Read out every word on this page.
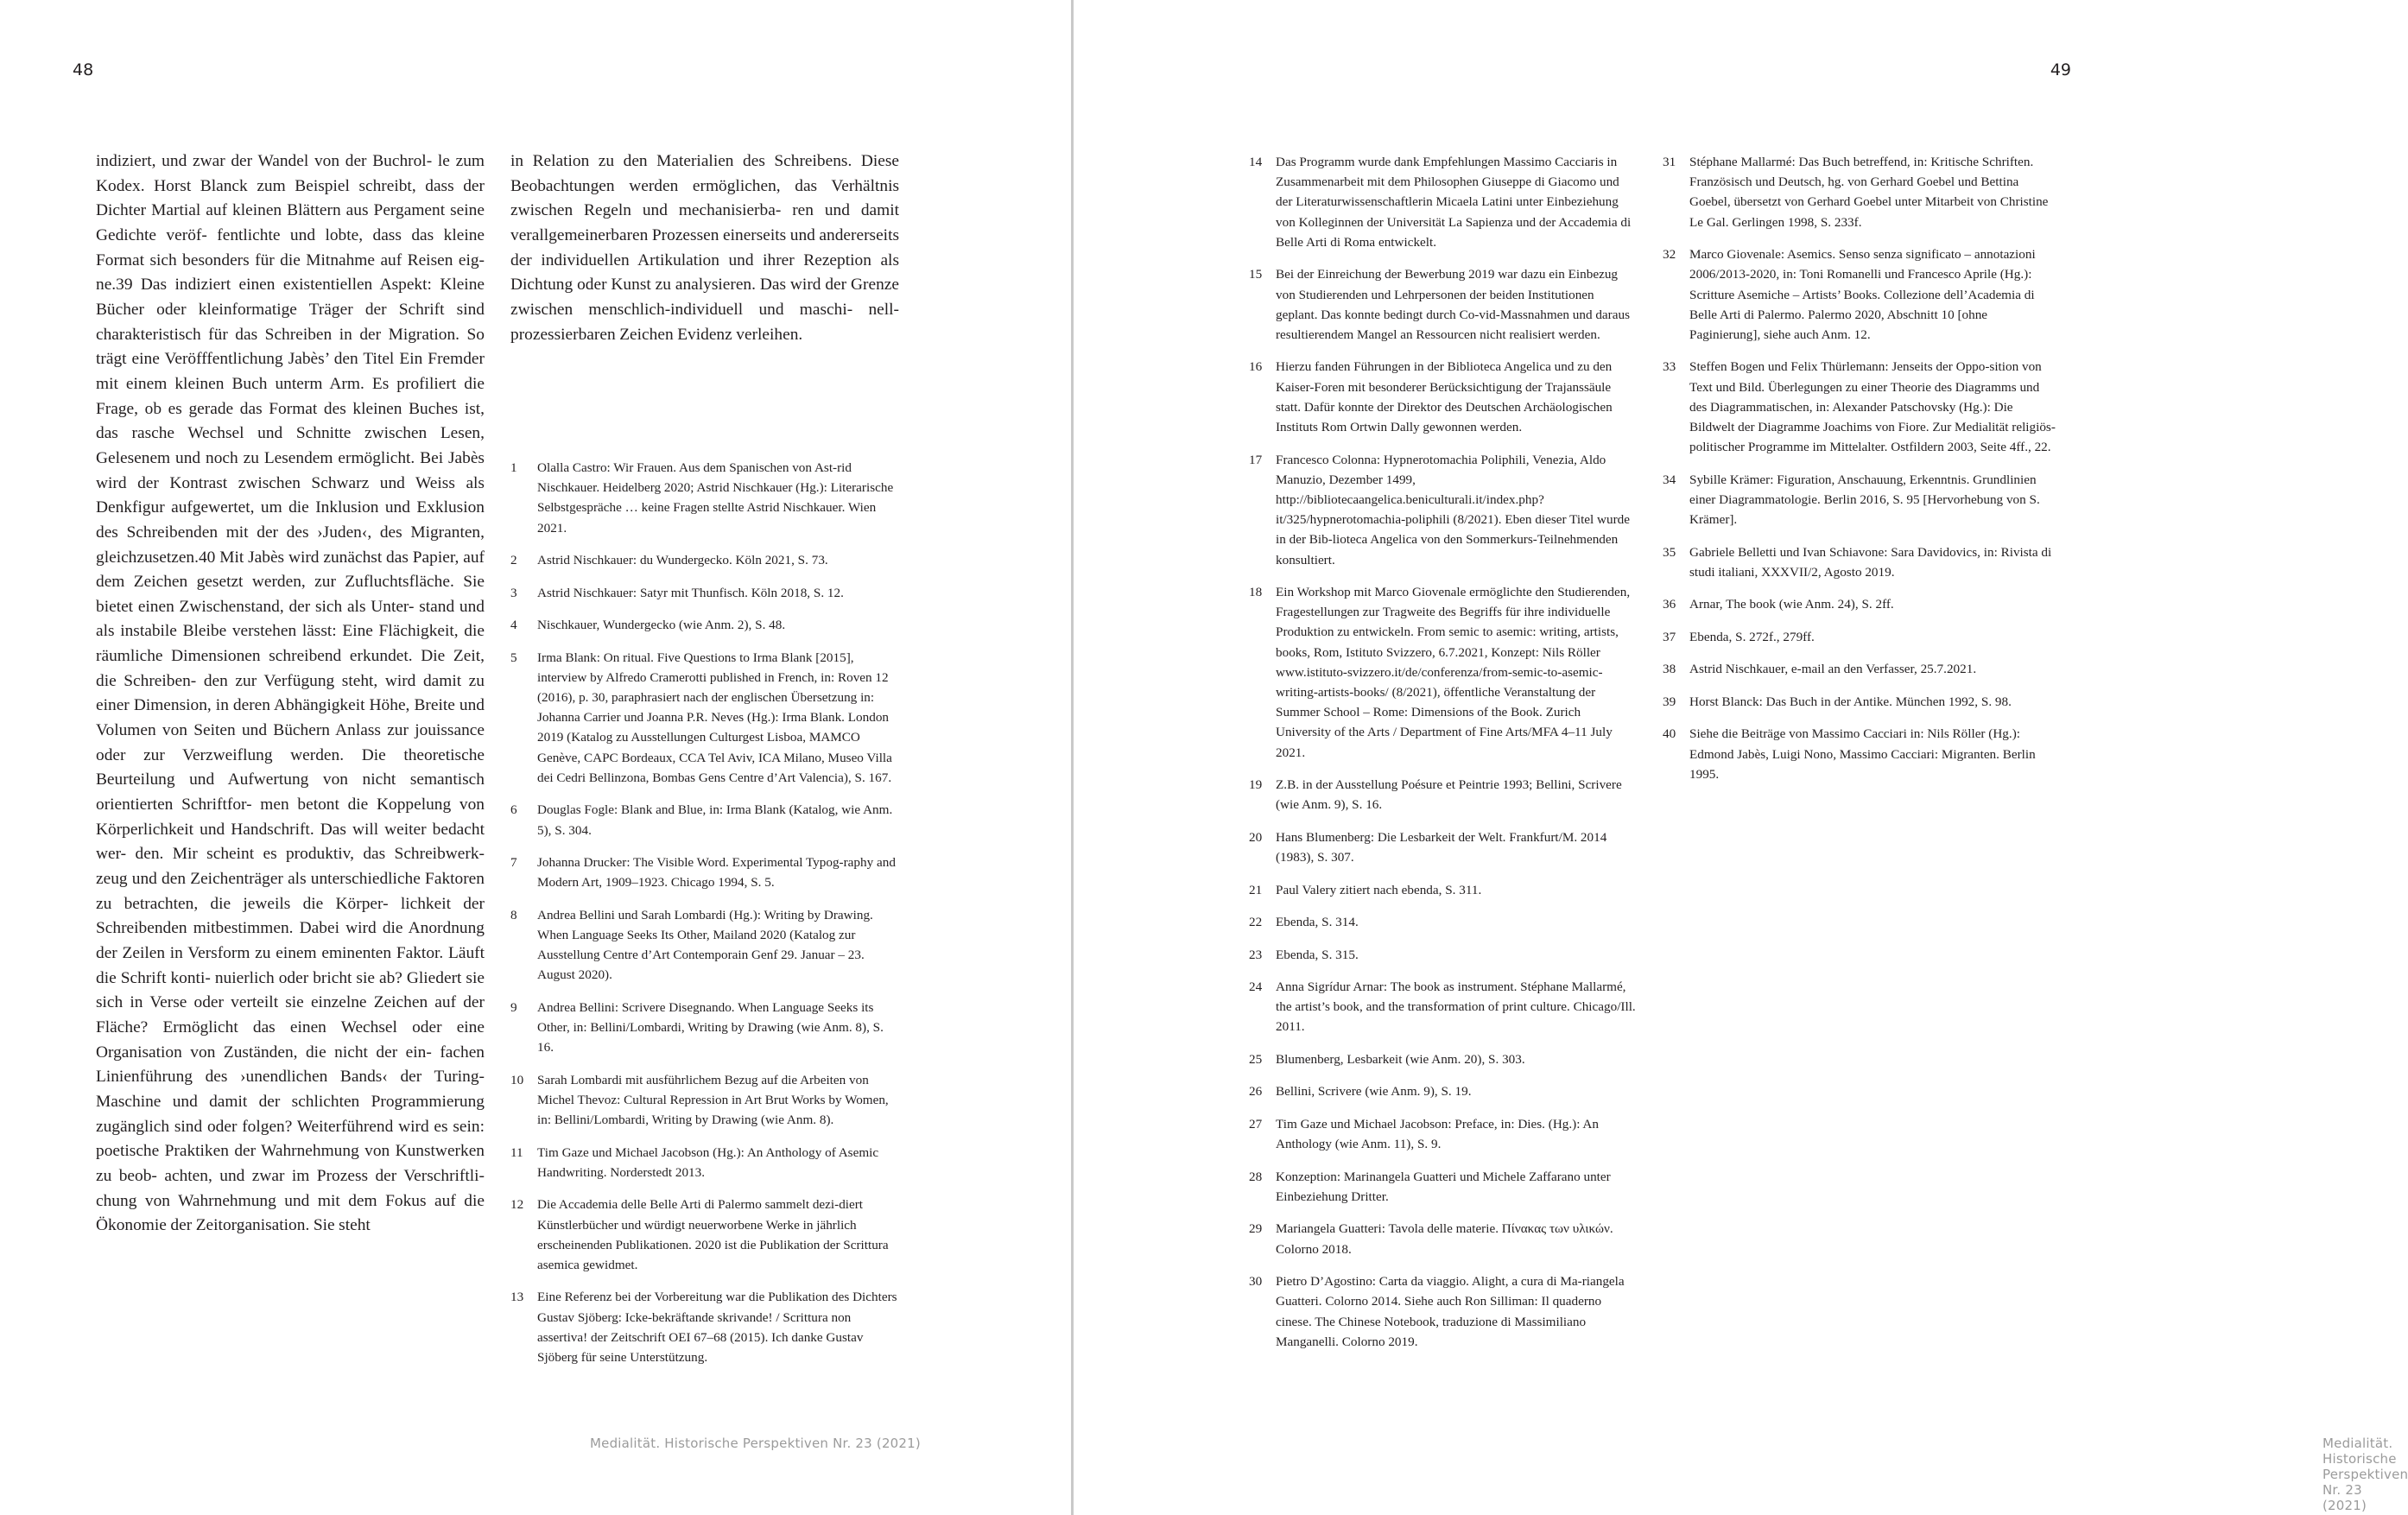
48

indiziert, und zwar der Wandel von der Buchrol- le zum Kodex. Horst Blanck zum Beispiel schreibt, dass der Dichter Martial auf kleinen Blättern aus Pergament seine Gedichte veröf- fentlichte und lobte, dass das kleine Format sich besonders für die Mitnahme auf Reisen eig- ne.39 Das indiziert einen existentiellen Aspekt: Kleine Bücher oder kleinformatige Träger der Schrift sind charakteristisch für das Schreiben in der Migration. So trägt eine Veröfffentlichung Jabès’ den Titel Ein Fremder mit einem kleinen Buch unterm Arm. Es profiliert die Frage, ob es gerade das Format des kleinen Buches ist, das rasche Wechsel und Schnitte zwischen Lesen, Gelesenem und noch zu Lesendem ermöglicht. Bei Jabès wird der Kontrast zwischen Schwarz und Weiss als Denkfigur aufgewertet, um die Inklusion und Exklusion des Schreibenden mit der des ›Juden‹, des Migranten, gleichzusetzen.40 Mit Jabès wird zunächst das Papier, auf dem Zeichen gesetzt werden, zur Zufluchtsfläche. Sie bietet einen Zwischenstand, der sich als Unter- stand und als instabile Bleibe verstehen lässt: Eine Flächigkeit, die räumliche Dimensionen schreibend erkundet. Die Zeit, die Schreiben- den zur Verfügung steht, wird damit zu einer Dimension, in deren Abhängigkeit Höhe, Breite und Volumen von Seiten und Büchern Anlass zur jouissance oder zur Verzweiflung werden. Die theoretische Beurteilung und Aufwertung von nicht semantisch orientierten Schriftfor- men betont die Koppelung von Körperlichkeit und Handschrift. Das will weiter bedacht wer- den. Mir scheint es produktiv, das Schreibwerk- zeug und den Zeichenträger als unterschiedliche Faktoren zu betrachten, die jeweils die Körper- lichkeit der Schreibenden mitbestimmen. Dabei wird die Anordnung der Zeilen in Versform zu einem eminenten Faktor. Läuft die Schrift konti- nuierlich oder bricht sie ab? Gliedert sie sich in Verse oder verteilt sie einzelne Zeichen auf der Fläche? Ermöglicht das einen Wechsel oder eine Organisation von Zuständen, die nicht der ein- fachen Linienführung des ›unendlichen Bands‹ der Turing-Maschine und damit der schlichten Programmierung zugänglich sind oder folgen? Weiterführend wird es sein: poetische Praktiken der Wahrnehmung von Kunstwerken zu beob- achten, und zwar im Prozess der Verschriftli- chung von Wahrnehmung und mit dem Fokus auf die Ökonomie der Zeitorganisation. Sie steht

in Relation zu den Materialien des Schreibens. Diese Beobachtungen werden ermöglichen, das Verhältnis zwischen Regeln und mechanisierba- ren und damit verallgemeinerbaren Prozessen einerseits und andererseits der individuellen Artikulation und ihrer Rezeption als Dichtung oder Kunst zu analysieren. Das wird der Grenze zwischen menschlich-individuell und maschi- nell-prozessierbaren Zeichen Evidenz verleihen.

1 Olalla Castro: Wir Frauen. Aus dem Spanischen von Ast-rid Nischkauer. Heidelberg 2020; Astrid Nischkauer (Hg.): Literarische Selbstgespräche … keine Fragen stellte Astrid Nischkauer. Wien 2021.
2 Astrid Nischkauer: du Wundergecko. Köln 2021, S. 73.
3 Astrid Nischkauer: Satyr mit Thunfisch. Köln 2018, S. 12.
4 Nischkauer, Wundergecko (wie Anm. 2), S. 48.
5 Irma Blank: On ritual. Five Questions to Irma Blank [2015], interview by Alfredo Cramerotti published in French, in: Roven 12 (2016), p. 30, paraphrasiert nach der englischen Übersetzung in: Johanna Carrier und Joanna P.R. Neves (Hg.): Irma Blank. London 2019 (Katalog zu Ausstellungen Culturgest Lisboa, MAMCO Genève, CAPC Bordeaux, CCA Tel Aviv, ICA Milano, Museo Villa dei Cedri Bellinzona, Bombas Gens Centre d’Art Valencia), S. 167.
6 Douglas Fogle: Blank and Blue, in: Irma Blank (Katalog, wie Anm. 5), S. 304.
7 Johanna Drucker: The Visible Word. Experimental Typog-raphy and Modern Art, 1909–1923. Chicago 1994, S. 5.
8 Andrea Bellini und Sarah Lombardi (Hg.): Writing by Drawing. When Language Seeks Its Other, Mailand 2020 (Katalog zur Ausstellung Centre d’Art Contemporain Genf 29. Januar – 23. August 2020).
9 Andrea Bellini: Scrivere Disegnando. When Language Seeks its Other, in: Bellini/Lombardi, Writing by Drawing (wie Anm. 8), S. 16.
10 Sarah Lombardi mit ausführlichem Bezug auf die Arbeiten von Michel Thevoz: Cultural Repression in Art Brut Works by Women, in: Bellini/Lombardi, Writing by Drawing (wie Anm. 8).
11 Tim Gaze und Michael Jacobson (Hg.): An Anthology of Asemic Handwriting. Norderstedt 2013.
12 Die Accademia delle Belle Arti di Palermo sammelt dezi-diert Künstlerbücher und würdigt neuerworbene Werke in jährlich erscheinenden Publikationen. 2020 ist die Publikation der Scrittura asemica gewidmet.
13 Eine Referenz bei der Vorbereitung war die Publikation des Dichters Gustav Sjöberg: Icke-bekräftande skrivande! / Scrittura non assertiva! der Zeitschrift OEI 67–68 (2015). Ich danke Gustav Sjöberg für seine Unterstützung.
Medialität. Historische Perspektiven Nr. 23 (2021)
49
Medialität. Historische Perspektiven Nr. 23 (2021)
14 Das Programm wurde dank Empfehlungen Massimo Cacciaris in Zusammenarbeit mit dem Philosophen Giuseppe di Giacomo und der Literaturwissenschaftlerin Micaela Latini unter Einbeziehung von Kolleginnen der Universität La Sapienza und der Accademia di Belle Arti di Roma entwickelt.
15 Bei der Einreichung der Bewerbung 2019 war dazu ein Einbezug von Studierenden und Lehrpersonen der beiden Institutionen geplant. Das konnte bedingt durch Co-vid-Massnahmen und daraus resultierendem Mangel an Ressourcen nicht realisiert werden.
16 Hierzu fanden Führungen in der Biblioteca Angelica und zu den Kaiser-Foren mit besonderer Berücksichtigung der Trajanssäule statt. Dafür konnte der Direktor des Deutschen Archäologischen Instituts Rom Ortwin Dally gewonnen werden.
17 Francesco Colonna: Hypnerotomachia Poliphili, Venezia, Aldo Manuzio, Dezember 1499, http://bibliotecaangelica.beniculturali.it/index.php?it/325/hypnerotomachia-poliphili (8/2021). Eben dieser Titel wurde in der Bib-lioteca Angelica von den Sommerkurs-Teilnehmenden konsultiert.
18 Ein Workshop mit Marco Giovenale ermöglichte den Studierenden, Fragestellungen zur Tragweite des Begriffs für ihre individuelle Produktion zu entwickeln. From semic to asemic: writing, artists, books, Rom, Istituto Svizzero, 6.7.2021, Konzept: Nils Röller www.istituto-svizzero.it/de/conferenza/from-semic-to-asemic-writing-artists-books/ (8/2021), öffentliche Veranstaltung der Summer School – Rome: Dimensions of the Book. Zurich University of the Arts / Department of Fine Arts/MFA 4–11 July 2021.
19 Z.B. in der Ausstellung Poésure et Peintrie 1993; Bellini, Scrivere (wie Anm. 9), S. 16.
20 Hans Blumenberg: Die Lesbarkeit der Welt. Frankfurt/M. 2014 (1983), S. 307.
21 Paul Valery zitiert nach ebenda, S. 311.
22 Ebenda, S. 314.
23 Ebenda, S. 315.
24 Anna Sigrídur Arnar: The book as instrument. Stéphane Mallarmé, the artist’s book, and the transformation of print culture. Chicago/Ill. 2011.
25 Blumenberg, Lesbarkeit (wie Anm. 20), S. 303.
26 Bellini, Scrivere (wie Anm. 9), S. 19.
27 Tim Gaze und Michael Jacobson: Preface, in: Dies. (Hg.): An Anthology (wie Anm. 11), S. 9.
28 Konzeption: Marinangela Guatteri und Michele Zaffarano unter Einbeziehung Dritter.
29 Mariangela Guatteri: Tavola delle materie. Πίνακας των υλικών. Colorno 2018.
30 Pietro D’Agostino: Carta da viaggio. Alight, a cura di Ma-riangela Guatteri. Colorno 2014. Siehe auch Ron Silliman: Il quaderno cinese. The Chinese Notebook, traduzione di Massimiliano Manganelli. Colorno 2019.
31 Stéphane Mallarmé: Das Buch betreffend, in: Kritische Schriften. Französisch und Deutsch, hg. von Gerhard Goebel und Bettina Goebel, übersetzt von Gerhard Goebel unter Mitarbeit von Christine Le Gal. Gerlingen 1998, S. 233f.
32 Marco Giovenale: Asemics. Senso senza significato – annotazioni 2006/2013-2020, in: Toni Romanelli und Francesco Aprile (Hg.): Scritture Asemiche – Artists’ Books. Collezione dell’Academia di Belle Arti di Palermo. Palermo 2020, Abschnitt 10 [ohne Paginierung], siehe auch Anm. 12.
33 Steffen Bogen und Felix Thürlemann: Jenseits der Oppo-sition von Text und Bild. Überlegungen zu einer Theorie des Diagramms und des Diagrammatischen, in: Alexander Patschovsky (Hg.): Die Bildwelt der Diagramme Joachims von Fiore. Zur Medialität religiös-politischer Programme im Mittelalter. Ostfildern 2003, Seite 4ff., 22.
34 Sybille Krämer: Figuration, Anschauung, Erkenntnis. Grundlinien einer Diagrammatologie. Berlin 2016, S. 95 [Hervorhebung von S. Krämer].
35 Gabriele Belletti und Ivan Schiavone: Sara Davidovics, in: Rivista di studi italiani, XXXVII/2, Agosto 2019.
36 Arnar, The book (wie Anm. 24), S. 2ff.
37 Ebenda, S. 272f., 279ff.
38 Astrid Nischkauer, e-mail an den Verfasser, 25.7.2021.
39 Horst Blanck: Das Buch in der Antike. München 1992, S. 98.
40 Siehe die Beiträge von Massimo Cacciari in: Nils Röller (Hg.): Edmond Jabès, Luigi Nono, Massimo Cacciari: Migranten. Berlin 1995.
